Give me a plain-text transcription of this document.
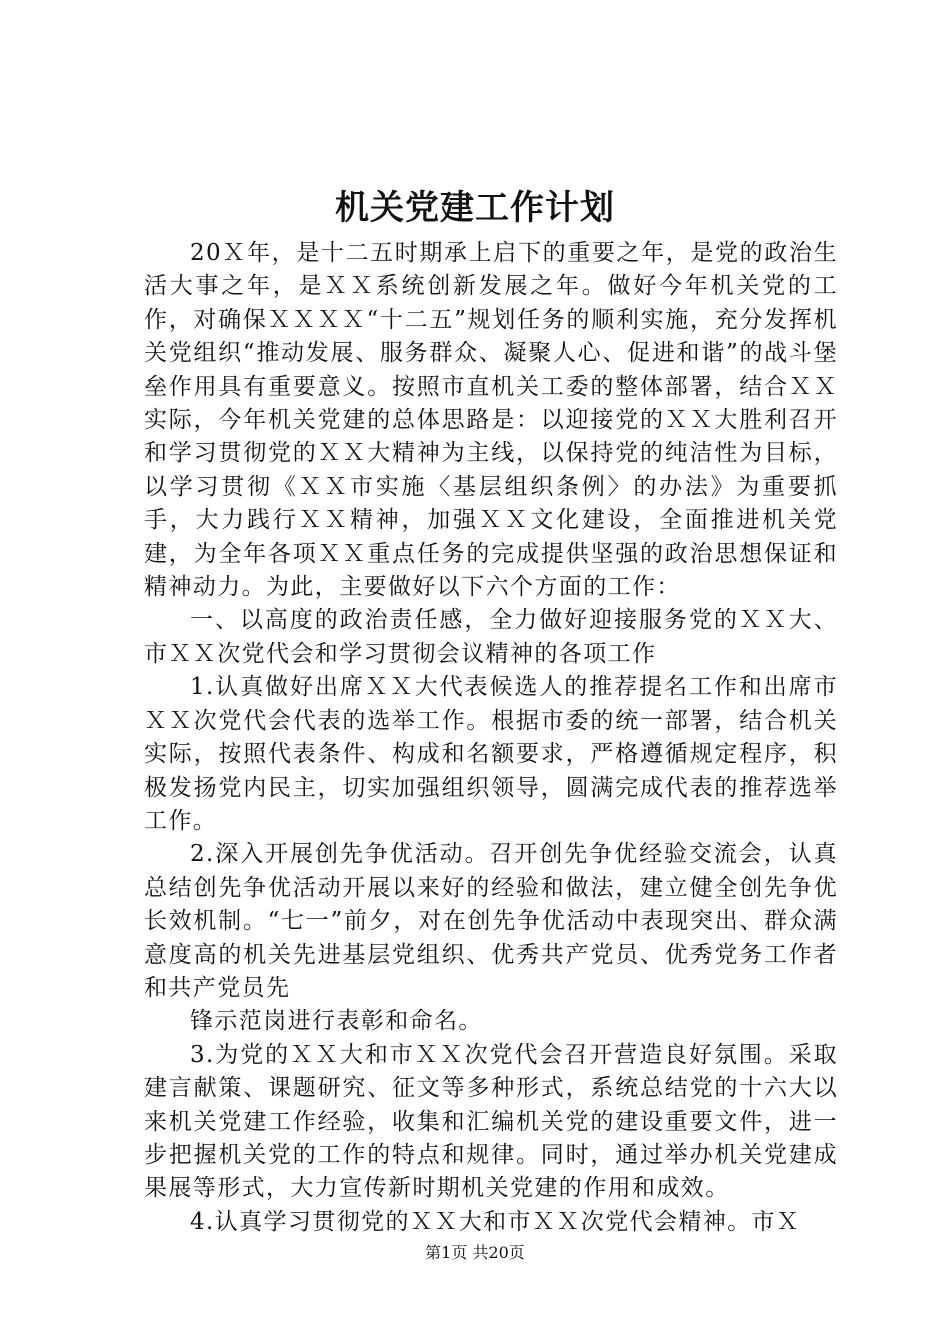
机关党建工作计划

20Ｘ年，是十二五时期承上启下的重要之年，是党的政治生活大事之年，是ＸＸ系统创新发展之年。做好今年机关党的工作，对确保ＸＸＸＸ“十二五”规划任务的顺利实施，充分发挥机关党组织“推动发展、服务群众、凝聚人心、促进和谐”的战斗堡垒作用具有重要意义。按照市直机关工委的整体部署，结合ＸＸ实际，今年机关党建的总体思路是：以迎接党的ＸＸ大胜利召开和学习贯彻党的ＸＸ大精神为主线，以保持党的纯洁性为目标，以学习贯彻《ＸＸ市实施〈基层组织条例〉的办法》为重要抓手，大力践行ＸＸ精神，加强ＸＸ文化建设，全面推进机关党建，为全年各项ＸＸ重点任务的完成提供坚强的政治思想保证和精神动力。为此，主要做好以下六个方面的工作：

一、以高度的政治责任感，全力做好迎接服务党的ＸＸ大、市ＸＸ次党代会和学习贯彻会议精神的各项工作

1.认真做好出席ＸＸ大代表候选人的推荐提名工作和出席市ＸＸ次党代会代表的选举工作。根据市委的统一部署，结合机关实际，按照代表条件、构成和名额要求，严格遵循规定程序，积极发扬党内民主，切实加强组织领导，圆满完成代表的推荐选举工作。

2.深入开展创先争优活动。召开创先争优经验交流会，认真总结创先争优活动开展以来好的经验和做法，建立健全创先争优长效机制。“七一”前夕，对在创先争优活动中表现突出、群众满意度高的机关先进基层党组织、优秀共产党员、优秀党务工作者和共产党员先

锋示范岗进行表彰和命名。

3.为党的ＸＸ大和市ＸＸ次党代会召开营造良好氛围。采取建言献策、课题研究、征文等多种形式，系统总结党的十六大以来机关党建工作经验，收集和汇编机关党的建设重要文件，进一步把握机关党的工作的特点和规律。同时，通过举办机关党建成果展等形式，大力宣传新时期机关党建的作用和成效。

4.认真学习贯彻党的ＸＸ大和市ＸＸ次党代会精神。市Ｘ

第1页 共20页
